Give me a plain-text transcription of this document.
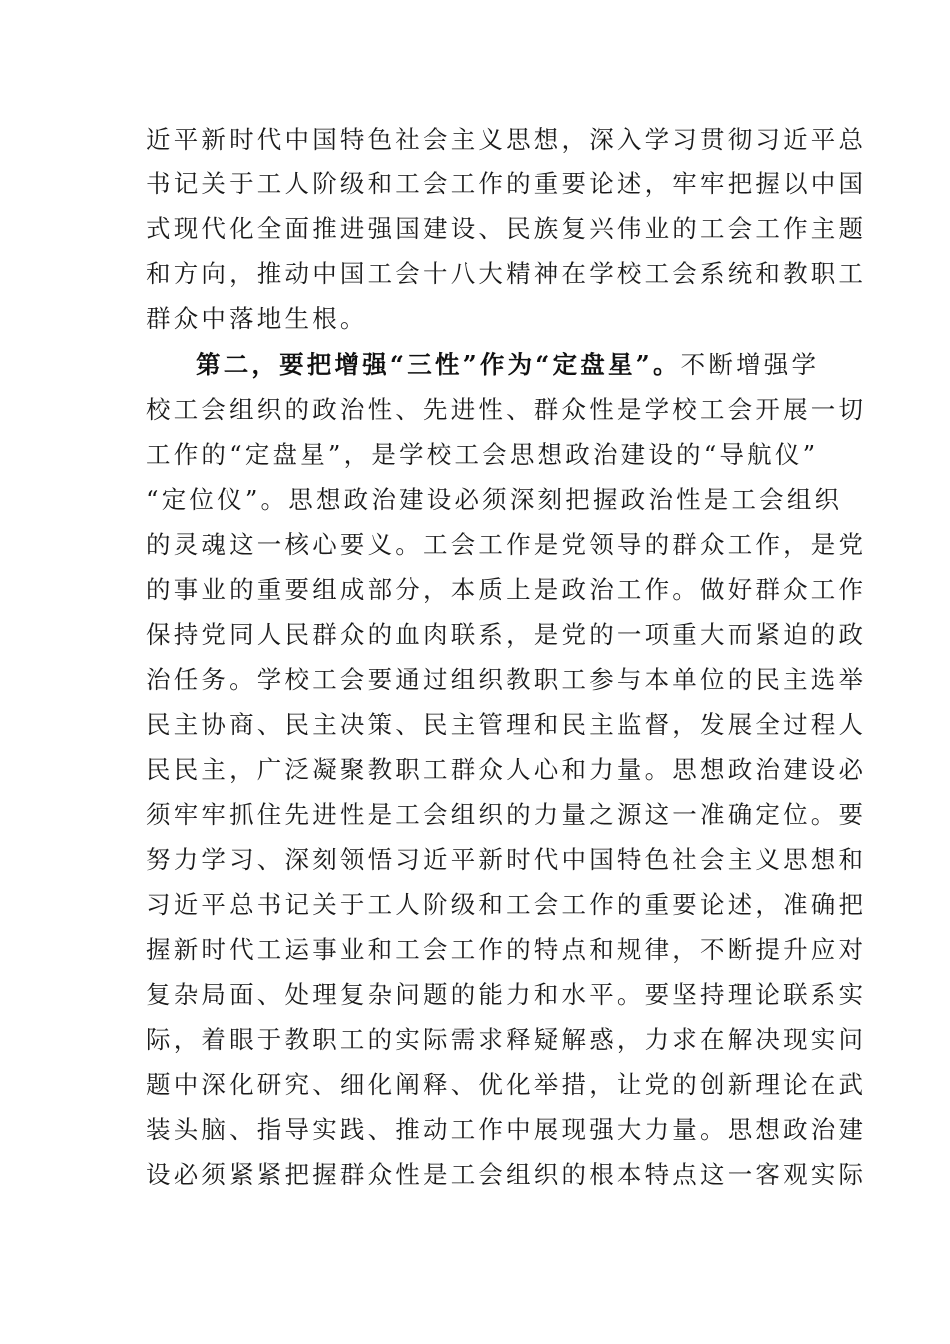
近平新时代中国特色社会主义思想，深入学习贯彻习近平总
书记关于工人阶级和工会工作的重要论述，牢牢把握以中国
式现代化全面推进强国建设、民族复兴伟业的工会工作主题
和方向，推动中国工会十八大精神在学校工会系统和教职工
群众中落地生根。
第二，要把增强“三性”作为“定盘星”。不断增强学
校工会组织的政治性、先进性、群众性是学校工会开展一切
工作的“定盘星”，是学校工会思想政治建设的“导航仪”
“定位仪”。思想政治建设必须深刻把握政治性是工会组织
的灵魂这一核心要义。工会工作是党领导的群众工作，是党
的事业的重要组成部分，本质上是政治工作。做好群众工作
保持党同人民群众的血肉联系，是党的一项重大而紧迫的政
治任务。学校工会要通过组织教职工参与本单位的民主选举
民主协商、民主决策、民主管理和民主监督，发展全过程人
民民主，广泛凝聚教职工群众人心和力量。思想政治建设必
须牢牢抓住先进性是工会组织的力量之源这一准确定位。要
努力学习、深刻领悟习近平新时代中国特色社会主义思想和
习近平总书记关于工人阶级和工会工作的重要论述，准确把
握新时代工运事业和工会工作的特点和规律，不断提升应对
复杂局面、处理复杂问题的能力和水平。要坚持理论联系实
际，着眼于教职工的实际需求释疑解惑，力求在解决现实问
题中深化研究、细化阐释、优化举措，让党的创新理论在武
装头脑、指导实践、推动工作中展现强大力量。思想政治建
设必须紧紧把握群众性是工会组织的根本特点这一客观实际
